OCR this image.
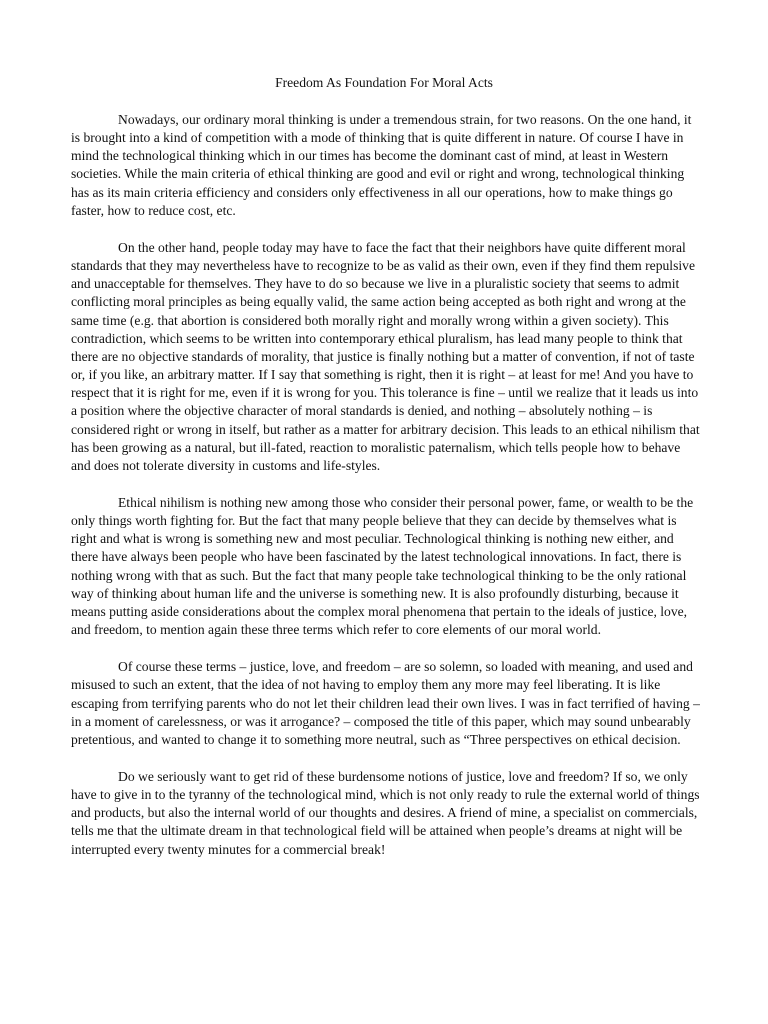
Freedom As Foundation For Moral Acts

Nowadays, our ordinary moral thinking is under a tremendous strain, for two reasons. On the one hand, it is brought into a kind of competition with a mode of thinking that is quite different in nature. Of course I have in mind the technological thinking which in our times has become the dominant cast of mind, at least in Western societies. While the main criteria of ethical thinking are good and evil or right and wrong, technological thinking has as its main criteria efficiency and considers only effectiveness in all our operations, how to make things go faster, how to reduce cost, etc.

On the other hand, people today may have to face the fact that their neighbors have quite different moral standards that they may nevertheless have to recognize to be as valid as their own, even if they find them repulsive and unacceptable for themselves. They have to do so because we live in a pluralistic society that seems to admit conflicting moral principles as being equally valid, the same action being accepted as both right and wrong at the same time (e.g. that abortion is considered both morally right and morally wrong within a given society). This contradiction, which seems to be written into contemporary ethical pluralism, has lead many people to think that there are no objective standards of morality, that justice is finally nothing but a matter of convention, if not of taste or, if you like, an arbitrary matter. If I say that something is right, then it is right – at least for me! And you have to respect that it is right for me, even if it is wrong for you. This tolerance is fine – until we realize that it leads us into a position where the objective character of moral standards is denied, and nothing – absolutely nothing – is considered right or wrong in itself, but rather as a matter for arbitrary decision. This leads to an ethical nihilism that has been growing as a natural, but ill-fated, reaction to moralistic paternalism, which tells people how to behave and does not tolerate diversity in customs and life-styles.

Ethical nihilism is nothing new among those who consider their personal power, fame, or wealth to be the only things worth fighting for. But the fact that many people believe that they can decide by themselves what is right and what is wrong is something new and most peculiar. Technological thinking is nothing new either, and there have always been people who have been fascinated by the latest technological innovations. In fact, there is nothing wrong with that as such. But the fact that many people take technological thinking to be the only rational way of thinking about human life and the universe is something new. It is also profoundly disturbing, because it means putting aside considerations about the complex moral phenomena that pertain to the ideals of justice, love, and freedom, to mention again these three terms which refer to core elements of our moral world.

Of course these terms – justice, love, and freedom – are so solemn, so loaded with meaning, and used and misused to such an extent, that the idea of not having to employ them any more may feel liberating. It is like escaping from terrifying parents who do not let their children lead their own lives. I was in fact terrified of having – in a moment of carelessness, or was it arrogance? – composed the title of this paper, which may sound unbearably pretentious, and wanted to change it to something more neutral, such as “Three perspectives on ethical decision.

Do we seriously want to get rid of these burdensome notions of justice, love and freedom? If so, we only have to give in to the tyranny of the technological mind, which is not only ready to rule the external world of things and products, but also the internal world of our thoughts and desires. A friend of mine, a specialist on commercials, tells me that the ultimate dream in that technological field will be attained when people’s dreams at night will be interrupted every twenty minutes for a commercial break!
